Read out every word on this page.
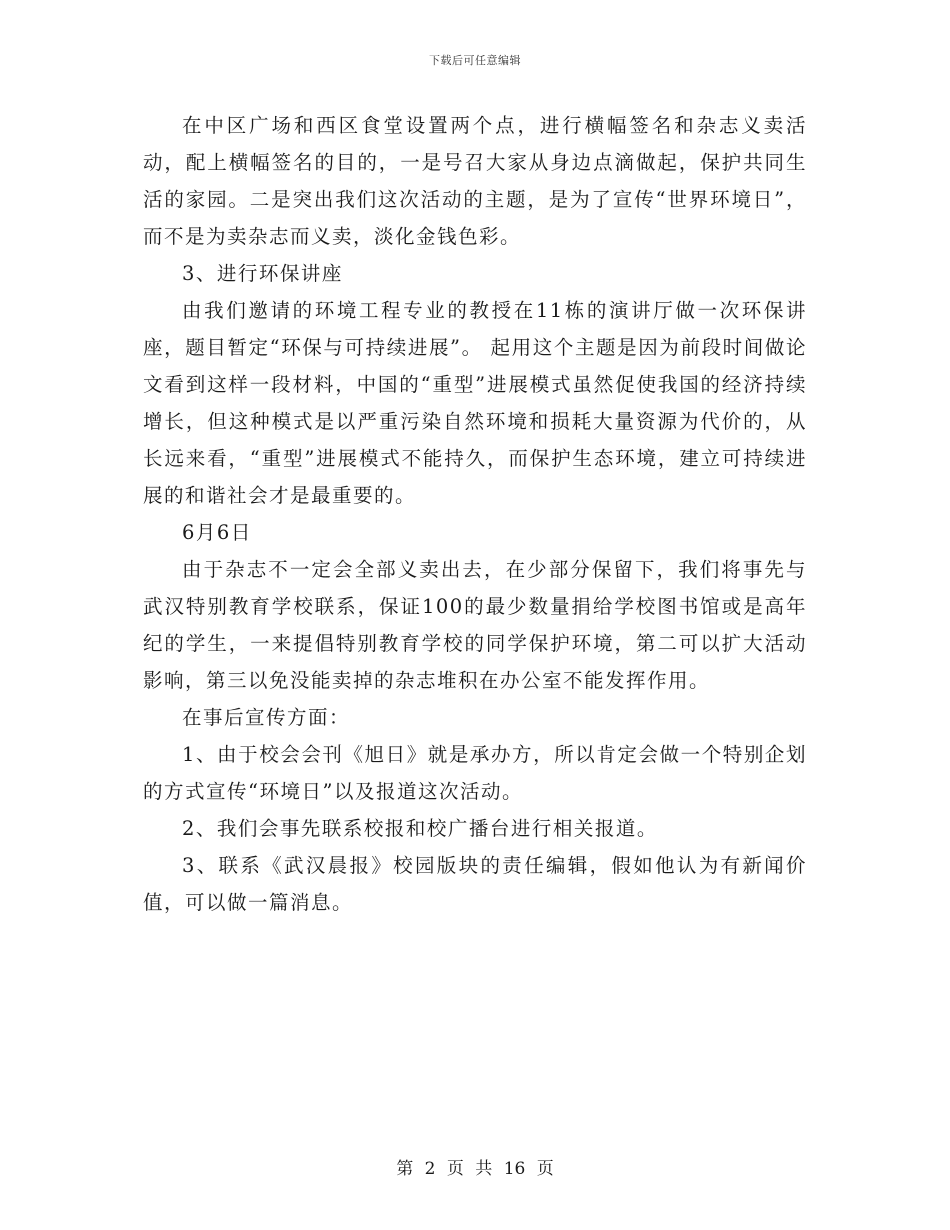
下载后可任意编辑

在中区广场和西区食堂设置两个点，进行横幅签名和杂志义卖活动，配上横幅签名的目的，一是号召大家从身边点滴做起，保护共同生活的家园。二是突出我们这次活动的主题，是为了宣传“世界环境日”，而不是为卖杂志而义卖，淡化金钱色彩。

3、进行环保讲座

由我们邀请的环境工程专业的教授在11栋的演讲厅做一次环保讲座，题目暂定“环保与可持续进展”。 起用这个主题是因为前段时间做论文看到这样一段材料，中国的“重型”进展模式虽然促使我国的经济持续增长，但这种模式是以严重污染自然环境和损耗大量资源为代价的，从长远来看，“重型”进展模式不能持久，而保护生态环境，建立可持续进展的和谐社会才是最重要的。

6月6日

由于杂志不一定会全部义卖出去，在少部分保留下，我们将事先与武汉特别教育学校联系，保证100的最少数量捐给学校图书馆或是高年纪的学生，一来提倡特别教育学校的同学保护环境，第二可以扩大活动影响，第三以免没能卖掉的杂志堆积在办公室不能发挥作用。

在事后宣传方面：

1、由于校会会刊《旭日》就是承办方，所以肯定会做一个特别企划的方式宣传“环境日”以及报道这次活动。

2、我们会事先联系校报和校广播台进行相关报道。

3、联系《武汉晨报》校园版块的责任编辑，假如他认为有新闻价值，可以做一篇消息。

第 2 页 共 16 页
